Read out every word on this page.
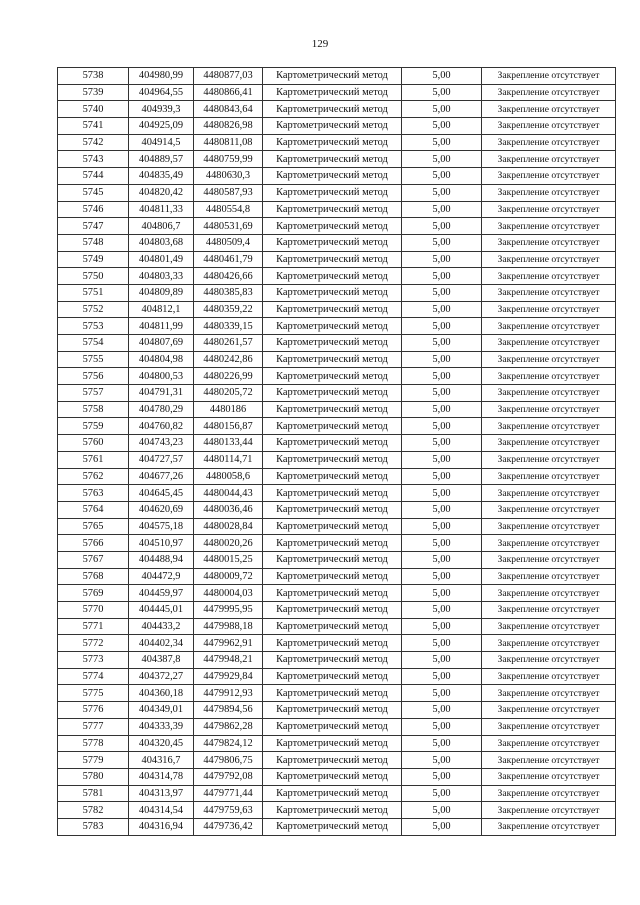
129
5738	404980,99	4480877,03	Картометрический метод	5,00	Закрепление отсутствует
5739	404964,55	4480866,41	Картометрический метод	5,00	Закрепление отсутствует
5740	404939,3	4480843,64	Картометрический метод	5,00	Закрепление отсутствует
5741	404925,09	4480826,98	Картометрический метод	5,00	Закрепление отсутствует
5742	404914,5	4480811,08	Картометрический метод	5,00	Закрепление отсутствует
5743	404889,57	4480759,99	Картометрический метод	5,00	Закрепление отсутствует
5744	404835,49	4480630,3	Картометрический метод	5,00	Закрепление отсутствует
5745	404820,42	4480587,93	Картометрический метод	5,00	Закрепление отсутствует
5746	404811,33	4480554,8	Картометрический метод	5,00	Закрепление отсутствует
5747	404806,7	4480531,69	Картометрический метод	5,00	Закрепление отсутствует
5748	404803,68	4480509,4	Картометрический метод	5,00	Закрепление отсутствует
5749	404801,49	4480461,79	Картометрический метод	5,00	Закрепление отсутствует
5750	404803,33	4480426,66	Картометрический метод	5,00	Закрепление отсутствует
5751	404809,89	4480385,83	Картометрический метод	5,00	Закрепление отсутствует
5752	404812,1	4480359,22	Картометрический метод	5,00	Закрепление отсутствует
5753	404811,99	4480339,15	Картометрический метод	5,00	Закрепление отсутствует
5754	404807,69	4480261,57	Картометрический метод	5,00	Закрепление отсутствует
5755	404804,98	4480242,86	Картометрический метод	5,00	Закрепление отсутствует
5756	404800,53	4480226,99	Картометрический метод	5,00	Закрепление отсутствует
5757	404791,31	4480205,72	Картометрический метод	5,00	Закрепление отсутствует
5758	404780,29	4480186	Картометрический метод	5,00	Закрепление отсутствует
5759	404760,82	4480156,87	Картометрический метод	5,00	Закрепление отсутствует
5760	404743,23	4480133,44	Картометрический метод	5,00	Закрепление отсутствует
5761	404727,57	4480114,71	Картометрический метод	5,00	Закрепление отсутствует
5762	404677,26	4480058,6	Картометрический метод	5,00	Закрепление отсутствует
5763	404645,45	4480044,43	Картометрический метод	5,00	Закрепление отсутствует
5764	404620,69	4480036,46	Картометрический метод	5,00	Закрепление отсутствует
5765	404575,18	4480028,84	Картометрический метод	5,00	Закрепление отсутствует
5766	404510,97	4480020,26	Картометрический метод	5,00	Закрепление отсутствует
5767	404488,94	4480015,25	Картометрический метод	5,00	Закрепление отсутствует
5768	404472,9	4480009,72	Картометрический метод	5,00	Закрепление отсутствует
5769	404459,97	4480004,03	Картометрический метод	5,00	Закрепление отсутствует
5770	404445,01	4479995,95	Картометрический метод	5,00	Закрепление отсутствует
5771	404433,2	4479988,18	Картометрический метод	5,00	Закрепление отсутствует
5772	404402,34	4479962,91	Картометрический метод	5,00	Закрепление отсутствует
5773	404387,8	4479948,21	Картометрический метод	5,00	Закрепление отсутствует
5774	404372,27	4479929,84	Картометрический метод	5,00	Закрепление отсутствует
5775	404360,18	4479912,93	Картометрический метод	5,00	Закрепление отсутствует
5776	404349,01	4479894,56	Картометрический метод	5,00	Закрепление отсутствует
5777	404333,39	4479862,28	Картометрический метод	5,00	Закрепление отсутствует
5778	404320,45	4479824,12	Картометрический метод	5,00	Закрепление отсутствует
5779	404316,7	4479806,75	Картометрический метод	5,00	Закрепление отсутствует
5780	404314,78	4479792,08	Картометрический метод	5,00	Закрепление отсутствует
5781	404313,97	4479771,44	Картометрический метод	5,00	Закрепление отсутствует
5782	404314,54	4479759,63	Картометрический метод	5,00	Закрепление отсутствует
5783	404316,94	4479736,42	Картометрический метод	5,00	Закрепление отсутствует
